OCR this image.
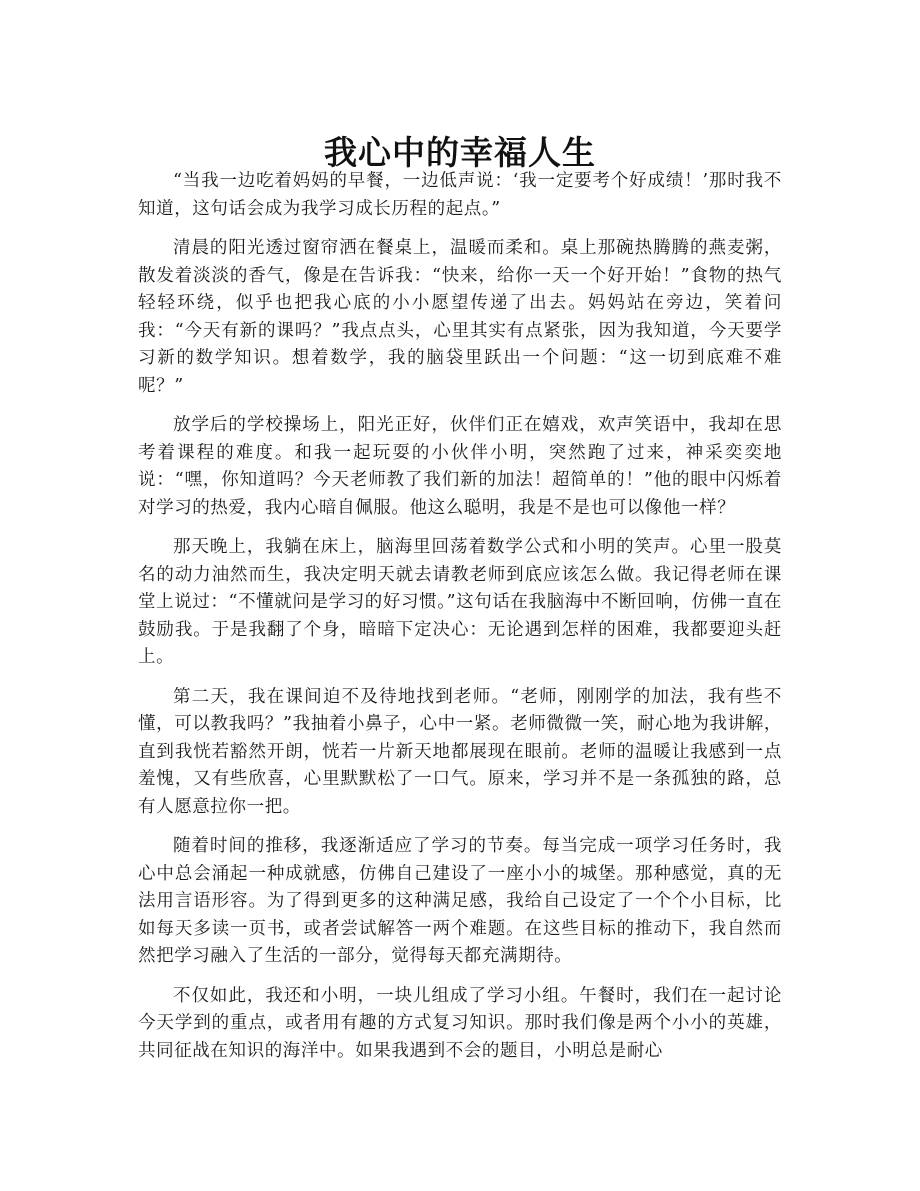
我心中的幸福人生

“当我一边吃着妈妈的早餐，一边低声说：‘我一定要考个好成绩！’那时我不知道，这句话会成为我学习成长历程的起点。”

清晨的阳光透过窗帘洒在餐桌上，温暖而柔和。桌上那碗热腾腾的燕麦粥，散发着淡淡的香气，像是在告诉我：“快来，给你一天一个好开始！”食物的热气轻轻环绕，似乎也把我心底的小小愿望传递了出去。妈妈站在旁边，笑着问我：“今天有新的课吗？”我点点头，心里其实有点紧张，因为我知道，今天要学习新的数学知识。想着数学，我的脑袋里跃出一个问题：“这一切到底难不难呢？”

放学后的学校操场上，阳光正好，伙伴们正在嬉戏，欢声笑语中，我却在思考着课程的难度。和我一起玩耍的小伙伴小明，突然跑了过来，神采奕奕地说：“嘿，你知道吗？今天老师教了我们新的加法！超简单的！”他的眼中闪烁着对学习的热爱，我内心暗自佩服。他这么聪明，我是不是也可以像他一样？

那天晚上，我躺在床上，脑海里回荡着数学公式和小明的笑声。心里一股莫名的动力油然而生，我决定明天就去请教老师到底应该怎么做。我记得老师在课堂上说过：“不懂就问是学习的好习惯。”这句话在我脑海中不断回响，仿佛一直在鼓励我。于是我翻了个身，暗暗下定决心：无论遇到怎样的困难，我都要迎头赶上。

第二天，我在课间迫不及待地找到老师。“老师，刚刚学的加法，我有些不懂，可以教我吗？”我抽着小鼻子，心中一紧。老师微微一笑，耐心地为我讲解，直到我恍若豁然开朗，恍若一片新天地都展现在眼前。老师的温暖让我感到一点羞愧，又有些欣喜，心里默默松了一口气。原来，学习并不是一条孤独的路，总有人愿意拉你一把。

随着时间的推移，我逐渐适应了学习的节奏。每当完成一项学习任务时，我心中总会涌起一种成就感，仿佛自己建设了一座小小的城堡。那种感觉，真的无法用言语形容。为了得到更多的这种满足感，我给自己设定了一个个小目标，比如每天多读一页书，或者尝试解答一两个难题。在这些目标的推动下，我自然而然把学习融入了生活的一部分，觉得每天都充满期待。

不仅如此，我还和小明，一块儿组成了学习小组。午餐时，我们在一起讨论今天学到的重点，或者用有趣的方式复习知识。那时我们像是两个小小的英雄，共同征战在知识的海洋中。如果我遇到不会的题目，小明总是耐心
